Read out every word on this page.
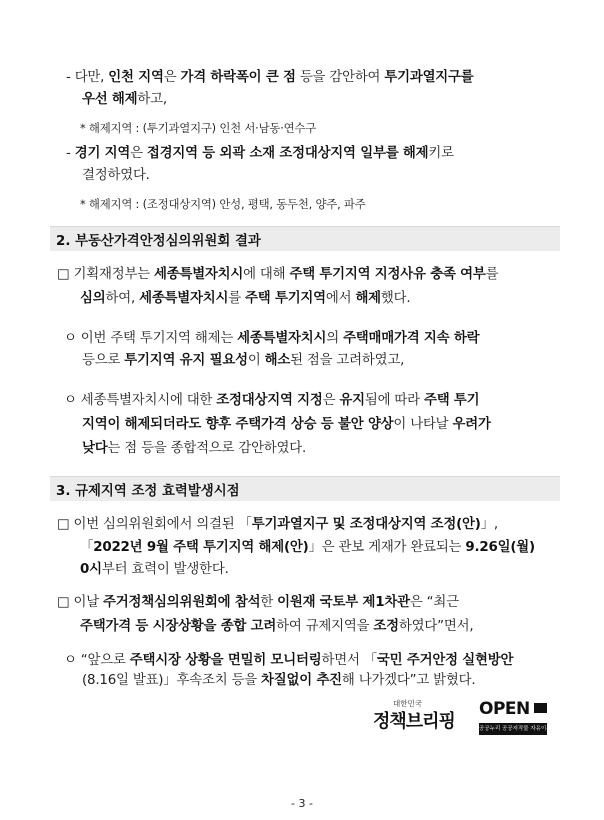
- 다만, 인천 지역은 가격 하락폭이 큰 점 등을 감안하여 투기과열지구를
우선 해제하고,
* 해제지역 : (투기과열지구) 인천 서·남동·연수구
- 경기 지역은 접경지역 등 외곽 소재 조정대상지역 일부를 해제키로
결정하였다.
* 해제지역 : (조정대상지역) 안성, 평택, 동두천, 양주, 파주
2. 부동산가격안정심의위원회 결과
□ 기획재정부는 세종특별자치시에 대해 주택 투기지역 지정사유 충족 여부를
심의하여, 세종특별자치시를 주택 투기지역에서 해제했다.
ㅇ 이번 주택 투기지역 해제는 세종특별자치시의 주택매매가격 지속 하락
등으로 투기지역 유지 필요성이 해소된 점을 고려하였고,
ㅇ 세종특별자치시에 대한 조정대상지역 지정은 유지됨에 따라 주택 투기
지역이 해제되더라도 향후 주택가격 상승 등 불안 양상이 나타날 우려가
낮다는 점 등을 종합적으로 감안하였다.
3. 규제지역 조정 효력발생시점
□ 이번 심의위원회에서 의결된 「투기과열지구 및 조정대상지역 조정(안)」,
「2022년 9월 주택 투기지역 해제(안)」은 관보 게재가 완료되는 9.26일(월)
0시부터 효력이 발생한다.
□ 이날 주거정책심의위원회에 참석한 이원재 국토부 제1차관은 “최근
주택가격 등 시장상황을 종합 고려하여 규제지역을 조정하였다”면서,
ㅇ “앞으로 주택시장 상황을 면밀히 모니터링하면서 「국민 주거안정 실현방안
(8.16일 발표)」후속조치 등을 차질없이 추진해 나가겠다”고 밝혔다.
대한민국
정책브리핑
OPEN
공공누리 공공저작물 자유이용허락
- 3 -
